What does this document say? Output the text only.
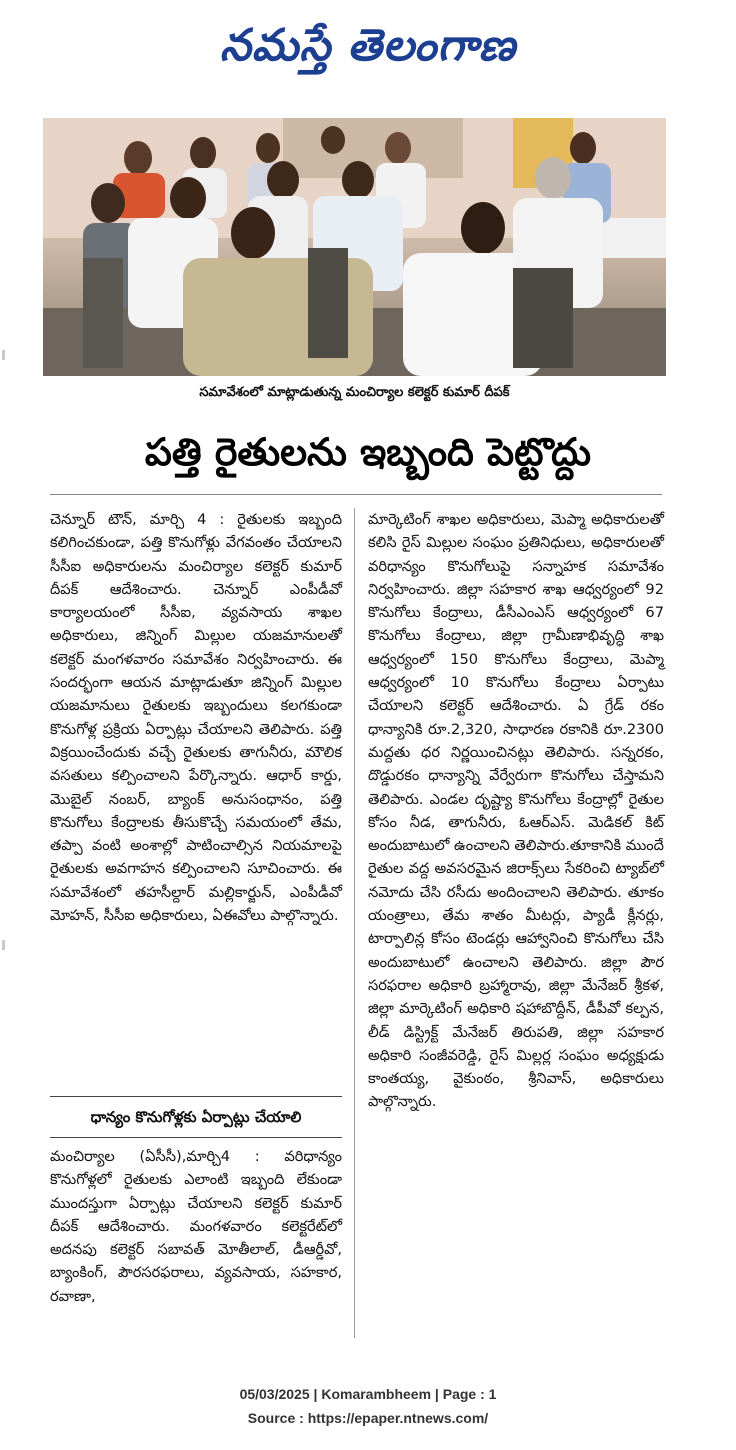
నమస్తే తెలంగాణ
సమావేశంలో మాట్లాడుతున్న మంచిర్యాల కలెక్టర్ కుమార్ దీపక్
పత్తి రైతులను ఇబ్బంది పెట్టొద్దు

చెన్నూర్ టౌన్, మార్చి 4 : రైతులకు ఇబ్బంది కలిగించకుండా, పత్తి కొనుగోళ్లు వేగవంతం చేయాలని సీసీఐ అధికారులను మంచిర్యాల కలెక్టర్ కుమార్ దీపక్ ఆదేశించారు. చెన్నూర్ ఎంపీడీవో కార్యాలయంలో సీసీఐ, వ్యవసాయ శాఖల అధికారులు, జిన్నింగ్ మిల్లుల యజమానులతో కలెక్టర్ మంగళవారం సమావేశం నిర్వహించారు. ఈ సందర్భంగా ఆయన మాట్లాడుతూ జిన్నింగ్ మిల్లుల యజమానులు రైతులకు ఇబ్బందులు కలగకుండా కొనుగోళ్ల ప్రక్రియ ఏర్పాట్లు చేయాలని తెలిపారు. పత్తి విక్రయించేందుకు వచ్చే రైతులకు తాగునీరు, మౌలిక వసతులు కల్పించాలని పేర్కొన్నారు. ఆధార్ కార్డు, మొబైల్ నంబర్, బ్యాంక్ అనుసంధానం, పత్తి కొనుగోలు కేంద్రాలకు తీసుకొచ్చే సమయంలో తేమ, తప్పా వంటి అంశాల్లో పాటించాల్సిన నియమాలపై రైతులకు అవగాహన కల్పించాలని సూచించారు. ఈ సమావేశంలో తహసీల్దార్ మల్లికార్జున్, ఎంపీడీవో మోహన్, సీసీఐ అధికారులు, ఏఈవోలు పాల్గొన్నారు.

ధాన్యం కొనుగోళ్లకు ఏర్పాట్లు చేయాలి

మంచిర్యాల (ఏసీసీ),మార్చి4 : వరిధాన్యం కొనుగోళ్లలో రైతులకు ఎలాంటి ఇబ్బంది లేకుండా ముందస్తుగా ఏర్పాట్లు చేయాలని కలెక్టర్ కుమార్ దీపక్ ఆదేశించారు. మంగళవారం కలెక్టరేట్‌లో అదనపు కలెక్టర్ సబావత్ మోతీలాల్, డీఆర్డీవో, బ్యాంకింగ్, పౌరసరఫరాలు, వ్యవసాయ, సహకార, రవాణా,

మార్కెటింగ్ శాఖల అధికారులు, మెప్మా అధికారులతో కలిసి రైస్ మిల్లుల సంఘం ప్రతినిధులు, అధికారులతో వరిధాన్యం కొనుగోలుపై సన్నాహక సమావేశం నిర్వహించారు. జిల్లా సహకార శాఖ ఆధ్వర్యంలో 92 కొనుగోలు కేంద్రాలు, డీసీఎంఎస్ ఆధ్వర్యంలో 67 కొనుగోలు కేంద్రాలు, జిల్లా గ్రామీణాభివృద్ధి శాఖ ఆధ్వర్యంలో 150 కొనుగోలు కేంద్రాలు, మెప్మా ఆధ్వర్యంలో 10 కొనుగోలు కేంద్రాలు ఏర్పాటు చేయాలని కలెక్టర్ ఆదేశించారు. ఏ గ్రేడ్ రకం ధాన్యానికి రూ.2,320, సాధారణ రకానికి రూ.2300 మద్దతు ధర నిర్ణయించినట్లు తెలిపారు. సన్నరకం, దొడ్డురకం ధాన్యాన్ని వేర్వేరుగా కొనుగోలు చేస్తామని తెలిపారు. ఎండల దృష్ట్యా కొనుగోలు కేంద్రాల్లో రైతుల కోసం నీడ, తాగునీరు, ఓఆర్ఎస్. మెడికల్ కిట్ అందుబాటులో ఉంచాలని తెలిపారు.తూకానికి ముందే రైతుల వద్ద అవసరమైన జిరాక్స్‌లు సేకరించి ట్యాబ్‌లో నమోదు చేసి రసీదు అందించాలని తెలిపారు. తూకం యంత్రాలు, తేమ శాతం మీటర్లు, ప్యాడీ క్లీనర్లు, టార్పాలిన్ల కోసం టెండర్లు ఆహ్వానించి కొనుగోలు చేసి అందుబాటులో ఉంచాలని తెలిపారు. జిల్లా పౌర సరఫరాల అధికారి బ్రహ్మారావు, జిల్లా మేనేజర్ శ్రీకళ, జిల్లా మార్కెటింగ్ అధికారి షహాబొద్దీన్, డీపీవో కల్పన, లీడ్ డిస్ట్రిక్ట్ మేనేజర్ తిరుపతి, జిల్లా సహకార అధికారి సంజీవరెడ్డి, రైస్ మిల్లర్ల సంఘం అధ్యక్షుడు కాంతయ్య, వైకుంఠం, శ్రీనివాస్, అధికారులు పాల్గొన్నారు.

05/03/2025 | Komarambheem | Page : 1
Source : https://epaper.ntnews.com/
